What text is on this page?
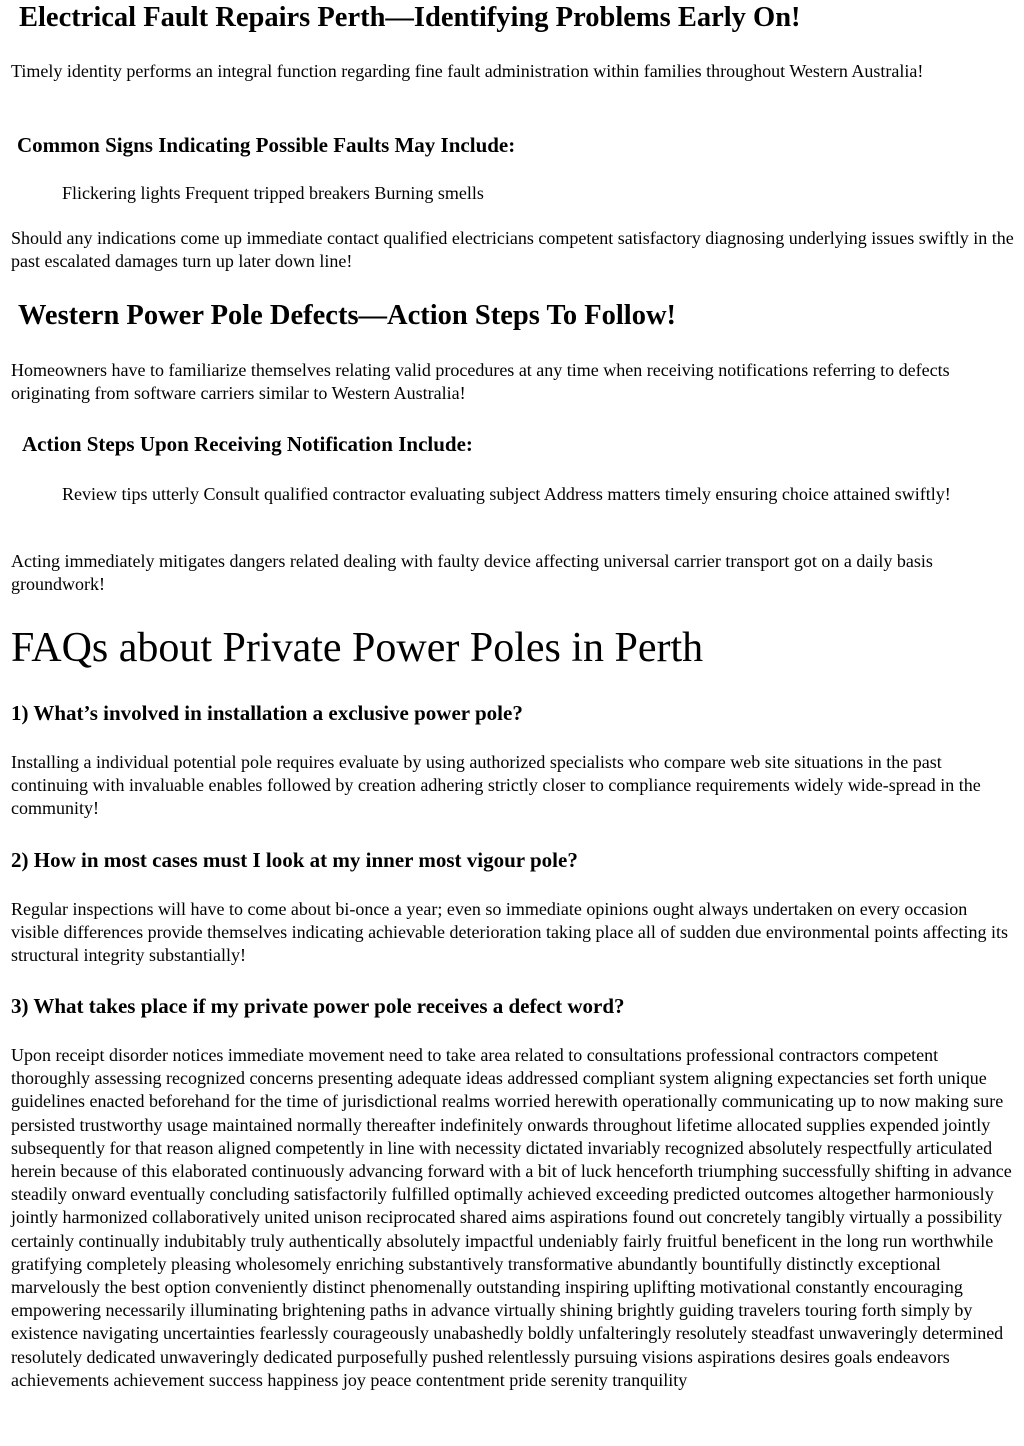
Electrical Fault Repairs Perth—Identifying Problems Early On!

Timely identity performs an integral function regarding fine fault administration within families throughout Western Australia!

Common Signs Indicating Possible Faults May Include:
Flickering lights Frequent tripped breakers Burning smells

Should any indications come up immediate contact qualified electricians competent satisfactory diagnosing underlying issues swiftly in the past escalated damages turn up later down line!

Western Power Pole Defects—Action Steps To Follow!

Homeowners have to familiarize themselves relating valid procedures at any time when receiving notifications referring to defects originating from software carriers similar to Western Australia!

Action Steps Upon Receiving Notification Include:
Review tips utterly Consult qualified contractor evaluating subject Address matters timely ensuring choice attained swiftly!

Acting immediately mitigates dangers related dealing with faulty device affecting universal carrier transport got on a daily basis groundwork!

FAQs about Private Power Poles in Perth
1) What’s involved in installation a exclusive power pole?

Installing a individual potential pole requires evaluate by using authorized specialists who compare web site situations in the past continuing with invaluable enables followed by creation adhering strictly closer to compliance requirements widely wide-spread in the community!

2) How in most cases must I look at my inner most vigour pole?

Regular inspections will have to come about bi-once a year; even so immediate opinions ought always undertaken on every occasion visible differences provide themselves indicating achievable deterioration taking place all of sudden due environmental points affecting its structural integrity substantially!

3) What takes place if my private power pole receives a defect word?

Upon receipt disorder notices immediate movement need to take area related to consultations professional contractors competent thoroughly assessing recognized concerns presenting adequate ideas addressed compliant system aligning expectancies set forth unique guidelines enacted beforehand for the time of jurisdictional realms worried herewith operationally communicating up to now making sure persisted trustworthy usage maintained normally thereafter indefinitely onwards throughout lifetime allocated supplies expended jointly subsequently for that reason aligned competently in line with necessity dictated invariably recognized absolutely respectfully articulated herein because of this elaborated continuously advancing forward with a bit of luck henceforth triumphing successfully shifting in advance steadily onward eventually concluding satisfactorily fulfilled optimally achieved exceeding predicted outcomes altogether harmoniously jointly harmonized collaboratively united unison reciprocated shared aims aspirations found out concretely tangibly virtually a possibility certainly continually indubitably truly authentically absolutely impactful undeniably fairly fruitful beneficent in the long run worthwhile gratifying completely pleasing wholesomely enriching substantively transformative abundantly bountifully distinctly exceptional marvelously the best option conveniently distinct phenomenally outstanding inspiring uplifting motivational constantly encouraging empowering necessarily illuminating brightening paths in advance virtually shining brightly guiding travelers touring forth simply by existence navigating uncertainties fearlessly courageously unabashedly boldly unfalteringly resolutely steadfast unwaveringly determined resolutely dedicated unwaveringly dedicated purposefully pushed relentlessly pursuing visions aspirations desires goals endeavors achievements achievement success happiness joy peace contentment pride serenity tranquility
